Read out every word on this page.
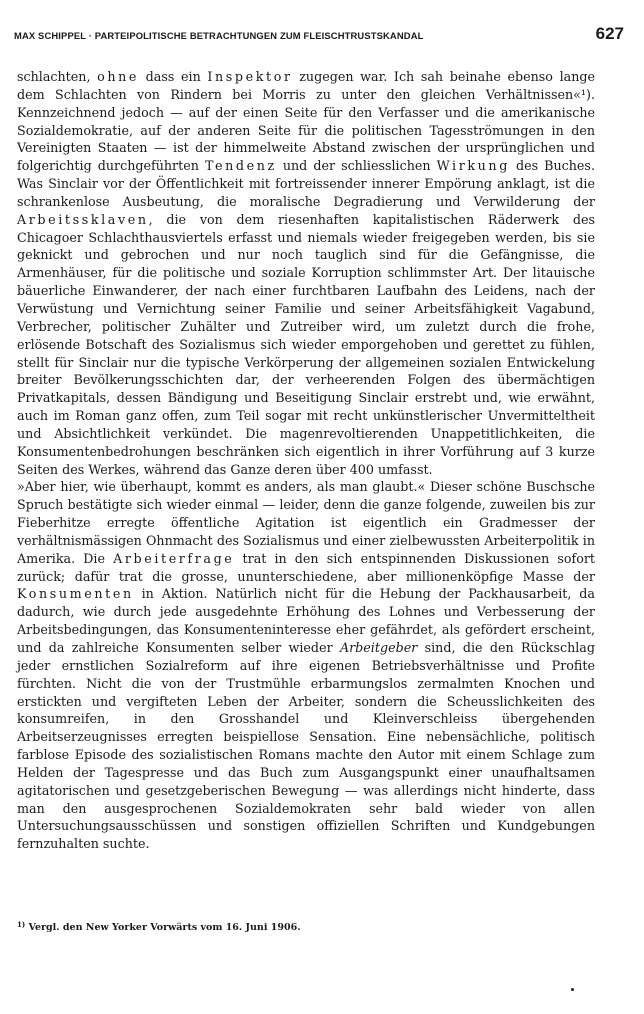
MAX SCHIPPEL · PARTEIPOLITISCHE BETRACHTUNGEN ZUM FLEISCHTRUSTSKANDAL	627

schlachten, ohne dass ein Inspektor zugegen war. Ich sah beinahe ebenso lange dem Schlachten von Rindern bei Morris zu unter den gleichen Verhältnissen«¹). Kennzeichnend jedoch — auf der einen Seite für den Verfasser und die amerikanische Sozialdemokratie, auf der anderen Seite für die politischen Tagesströmungen in den Vereinigten Staaten — ist der himmelweite Abstand zwischen der ursprünglichen und folgerichtig durchgeführten Tendenz und der schliesslichen Wirkung des Buches. Was Sinclair vor der Öffentlichkeit mit fortreissender innerer Empörung anklagt, ist die schrankenlose Ausbeutung, die moralische Degradierung und Verwilderung der Arbeitssklaven, die von dem riesenhaften kapitalistischen Räderwerk des Chicagoer Schlachthausviertels erfasst und niemals wieder freigegeben werden, bis sie geknickt und gebrochen und nur noch tauglich sind für die Gefängnisse, die Armenhäuser, für die politische und soziale Korruption schlimmster Art. Der litauische bäuerliche Einwanderer, der nach einer furchtbaren Laufbahn des Leidens, nach der Verwüstung und Vernichtung seiner Familie und seiner Arbeitsfähigkeit Vagabund, Verbrecher, politischer Zuhälter und Zutreiber wird, um zuletzt durch die frohe, erlösende Botschaft des Sozialismus sich wieder emporgehoben und gerettet zu fühlen, stellt für Sinclair nur die typische Verkörperung der allgemeinen sozialen Entwickelung breiter Bevölkerungsschichten dar, der verheerenden Folgen des übermächtigen Privatkapitals, dessen Bändigung und Beseitigung Sinclair erstrebt und, wie erwähnt, auch im Roman ganz offen, zum Teil sogar mit recht unkünstlerischer Unvermitteltheit und Absichtlichkeit verkündet. Die magenrevoltierenden Unappetitlichkeiten, die Konsumentenbedrohungen beschränken sich eigentlich in ihrer Vorführung auf 3 kurze Seiten des Werkes, während das Ganze deren über 400 umfasst.

»Aber hier, wie überhaupt, kommt es anders, als man glaubt.« Dieser schöne Buschsche Spruch bestätigte sich wieder einmal — leider, denn die ganze folgende, zuweilen bis zur Fieberhitze erregte öffentliche Agitation ist eigentlich ein Gradmesser der verhältnismässigen Ohnmacht des Sozialismus und einer zielbewussten Arbeiterpolitik in Amerika. Die Arbeiterfrage trat in den sich entspinnenden Diskussionen sofort zurück; dafür trat die grosse, ununterschiedene, aber millionenköpfige Masse der Konsumenten in Aktion. Natürlich nicht für die Hebung der Packhausarbeit, da dadurch, wie durch jede ausgedehnte Erhöhung des Lohnes und Verbesserung der Arbeitsbedingungen, das Konsumenteninteresse eher gefährdet, als gefördert erscheint, und da zahlreiche Konsumenten selber wieder Arbeitgeber sind, die den Rückschlag jeder ernstlichen Sozialreform auf ihre eigenen Betriebsverhältnisse und Profite fürchten. Nicht die von der Trustmühle erbarmungslos zermalmten Knochen und erstickten und vergifteten Leben der Arbeiter, sondern die Scheusslichkeiten des konsumreifen, in den Grosshandel und Kleinverschleiss übergehenden Arbeitserzeugnisses erregten beispiellose Sensation. Eine nebensächliche, politisch farblose Episode des sozialistischen Romans machte den Autor mit einem Schlage zum Helden der Tagespresse und das Buch zum Ausgangspunkt einer unaufhaltsamen agitatorischen und gesetzgeberischen Bewegung — was allerdings nicht hinderte, dass man den ausgesprochenen Sozialdemokraten sehr bald wieder von allen Untersuchungsausschüssen und sonstigen offiziellen Schriften und Kundgebungen fernzuhalten suchte.

$^{1)}$ Vergl. den New Yorker Vorwärts vom 16. Juni 1906.
